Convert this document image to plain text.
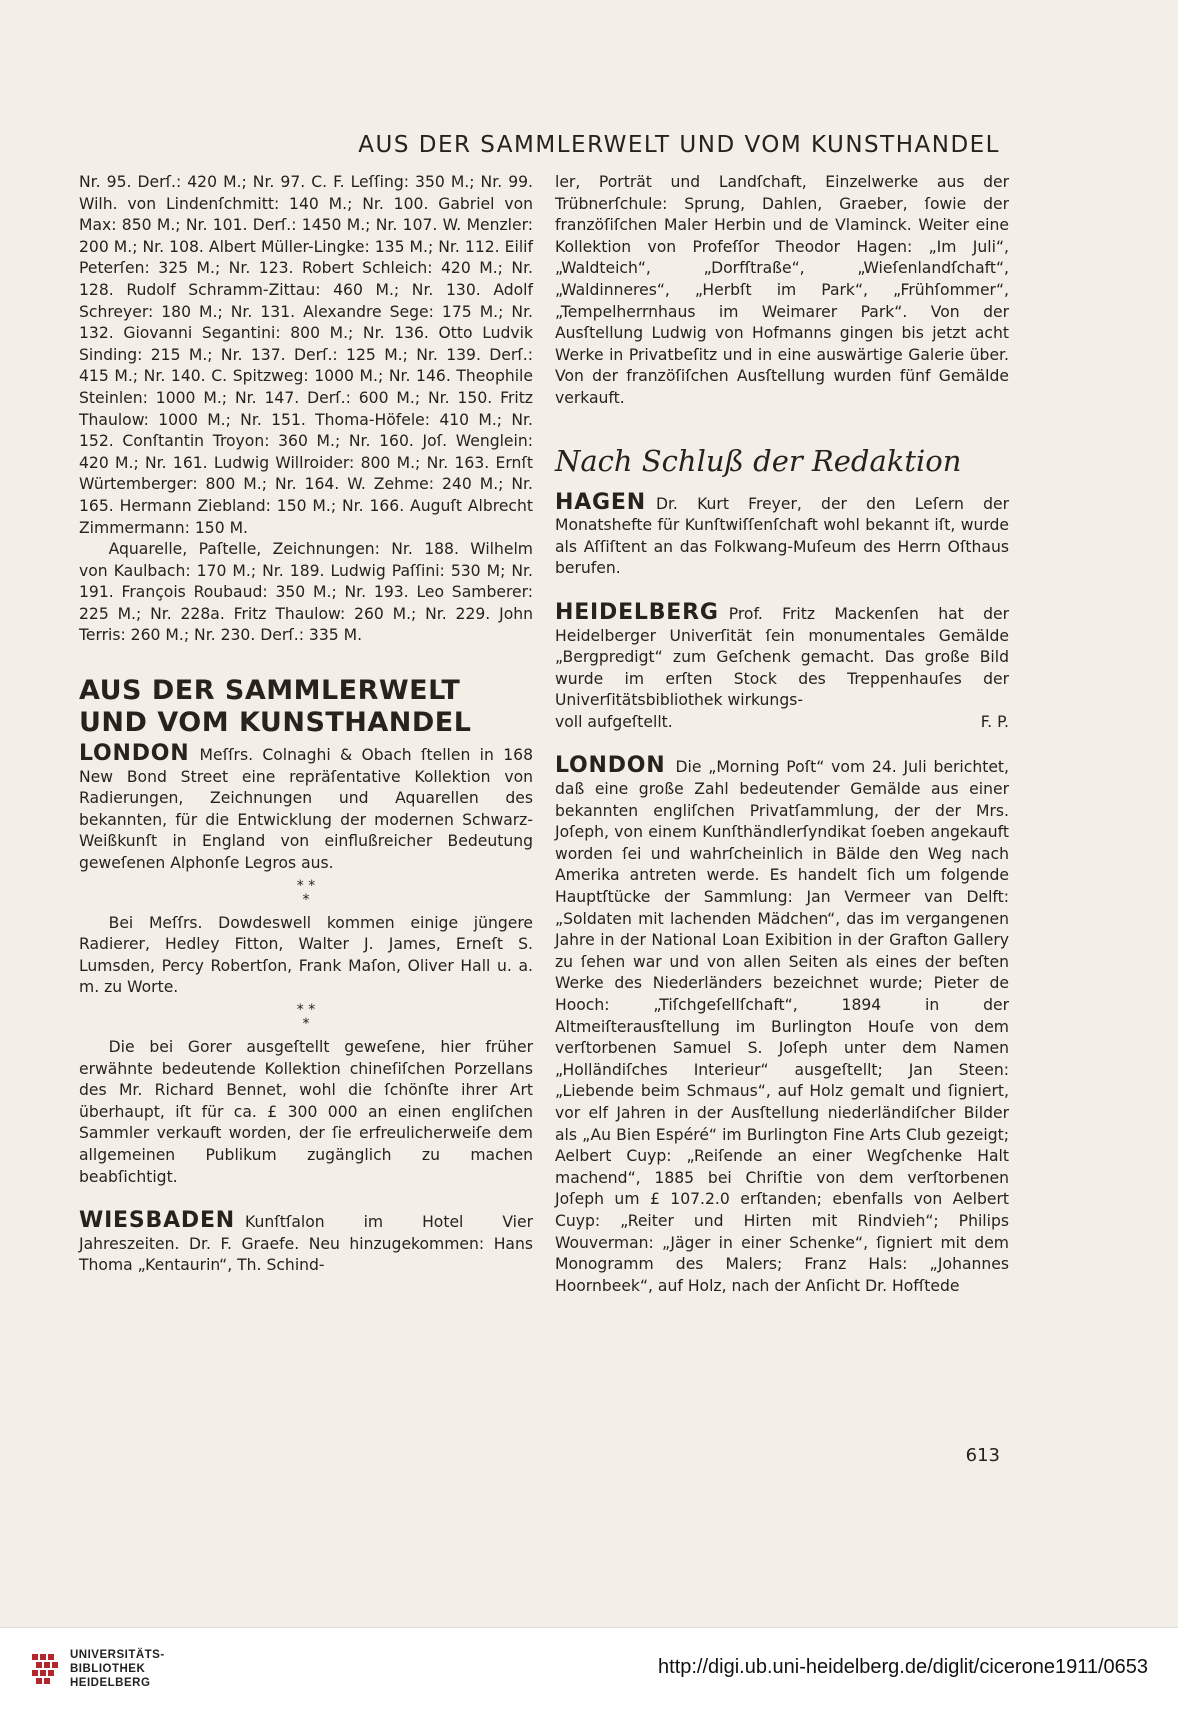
AUS DER SAMMLERWELT UND VOM KUNSTHANDEL

Nr. 95. Derſ.: 420 M.; Nr. 97. C. F. Leſſing: 350 M.; Nr. 99. Wilh. von Lindenſchmitt: 140 M.; Nr. 100. Gabriel von Max: 850 M.; Nr. 101. Derſ.: 1450 M.; Nr. 107. W. Menzler: 200 M.; Nr. 108. Albert Müller-Lingke: 135 M.; Nr. 112. Eilif Peterſen: 325 M.; Nr. 123. Robert Schleich: 420 M.; Nr. 128. Rudolf Schramm-Zittau: 460 M.; Nr. 130. Adolf Schreyer: 180 M.; Nr. 131. Alexandre Sege: 175 M.; Nr. 132. Giovanni Segantini: 800 M.; Nr. 136. Otto Ludvik Sinding: 215 M.; Nr. 137. Derſ.: 125 M.; Nr. 139. Derſ.: 415 M.; Nr. 140. C. Spitzweg: 1000 M.; Nr. 146. Theophile Steinlen: 1000 M.; Nr. 147. Derſ.: 600 M.; Nr. 150. Fritz Thaulow: 1000 M.; Nr. 151. Thoma-Höfele: 410 M.; Nr. 152. Conſtantin Troyon: 360 M.; Nr. 160. Joſ. Wenglein: 420 M.; Nr. 161. Ludwig Willroider: 800 M.; Nr. 163. Ernſt Würtemberger: 800 M.; Nr. 164. W. Zehme: 240 M.; Nr. 165. Hermann Ziebland: 150 M.; Nr. 166. Auguſt Albrecht Zimmermann: 150 M.

Aquarelle, Paſtelle, Zeichnungen: Nr. 188. Wilhelm von Kaulbach: 170 M.; Nr. 189. Ludwig Paſſini: 530 M; Nr. 191. François Roubaud: 350 M.; Nr. 193. Leo Samberer: 225 M.; Nr. 228a. Fritz Thaulow: 260 M.; Nr. 229. John Terris: 260 M.; Nr. 230. Derſ.: 335 M.

AUS DER SAMMLERWELT
UND VOM KUNSTHANDEL

LONDON Meſſrs. Colnaghi & Obach ſtellen in 168 New Bond Street eine repräſentative Kollektion von Radierungen, Zeichnungen und Aquarellen des bekannten, für die Entwicklung der modernen Schwarz-Weißkunſt in England von einflußreicher Bedeutung geweſenen Alphonſe Legros aus.

* *
*

Bei Meſſrs. Dowdeswell kommen einige jüngere Radierer, Hedley Fitton, Walter J. James, Erneſt S. Lumsden, Percy Robertſon, Frank Maſon, Oliver Hall u. a. m. zu Worte.

* *
*

Die bei Gorer ausgeſtellt geweſene, hier früher erwähnte bedeutende Kollektion chineſiſchen Porzellans des Mr. Richard Bennet, wohl die ſchönſte ihrer Art überhaupt, iſt für ca. £ 300 000 an einen engliſchen Sammler verkauft worden, der ſie erfreulicherweiſe dem allgemeinen Publikum zugänglich zu machen beabſichtigt.

WIESBADEN Kunſtſalon im Hotel Vier Jahreszeiten. Dr. F. Graefe. Neu hinzugekommen: Hans Thoma „Kentaurin“, Th. Schind-

ler, Porträt und Landſchaft, Einzelwerke aus der Trübnerſchule: Sprung, Dahlen, Graeber, ſowie der franzöſiſchen Maler Herbin und de Vlaminck. Weiter eine Kollektion von Profeſſor Theodor Hagen: „Im Juli“, „Waldteich“, „Dorfſtraße“, „Wieſenlandſchaft“, „Waldinneres“, „Herbſt im Park“, „Frühſommer“, „Tempelherrnhaus im Weimarer Park“. Von der Ausſtellung Ludwig von Hofmanns gingen bis jetzt acht Werke in Privatbeſitz und in eine auswärtige Galerie über. Von der franzöſiſchen Ausſtellung wurden fünf Gemälde verkauft.

Nach Schluß der Redaktion

HAGEN Dr. Kurt Freyer, der den Leſern der Monatshefte für Kunſtwiſſenſchaft wohl bekannt iſt, wurde als Aſſiſtent an das Folkwang-Muſeum des Herrn Oſthaus berufen.

HEIDELBERG Prof. Fritz Mackenſen hat der Heidelberger Univerſität ſein monumentales Gemälde „Bergpredigt“ zum Geſchenk gemacht. Das große Bild wurde im erſten Stock des Treppenhauſes der Univerſitätsbibliothek wirkungs-

voll aufgeſtellt.	F. P.

LONDON Die „Morning Poſt“ vom 24. Juli berichtet, daß eine große Zahl bedeutender Gemälde aus einer bekannten engliſchen Privatſammlung, der der Mrs. Joſeph, von einem Kunſthändlerſyndikat ſoeben angekauft worden ſei und wahrſcheinlich in Bälde den Weg nach Amerika antreten werde. Es handelt ſich um folgende Hauptſtücke der Sammlung: Jan Vermeer van Delft: „Soldaten mit lachenden Mädchen“, das im vergangenen Jahre in der National Loan Exibition in der Grafton Gallery zu ſehen war und von allen Seiten als eines der beſten Werke des Niederländers bezeichnet wurde; Pieter de Hooch: „Tiſchgeſellſchaft“, 1894 in der Altmeiſterausſtellung im Burlington Houſe von dem verſtorbenen Samuel S. Joſeph unter dem Namen „Holländiſches Interieur“ ausgeſtellt; Jan Steen: „Liebende beim Schmaus“, auf Holz gemalt und ſigniert, vor elf Jahren in der Ausſtellung niederländiſcher Bilder als „Au Bien Espéré“ im Burlington Fine Arts Club gezeigt; Aelbert Cuyp: „Reiſende an einer Wegſchenke Halt machend“, 1885 bei Chriſtie von dem verſtorbenen Joſeph um £ 107.2.0 erſtanden; ebenfalls von Aelbert Cuyp: „Reiter und Hirten mit Rindvieh“; Philips Wouverman: „Jäger in einer Schenke“, ſigniert mit dem Monogramm des Malers; Franz Hals: „Johannes Hoornbeek“, auf Holz, nach der Anſicht Dr. Hofſtede

613
UNIVERSITÄTS-
BIBLIOTHEK
HEIDELBERG
http://digi.ub.uni-heidelberg.de/diglit/cicerone1911/0653
